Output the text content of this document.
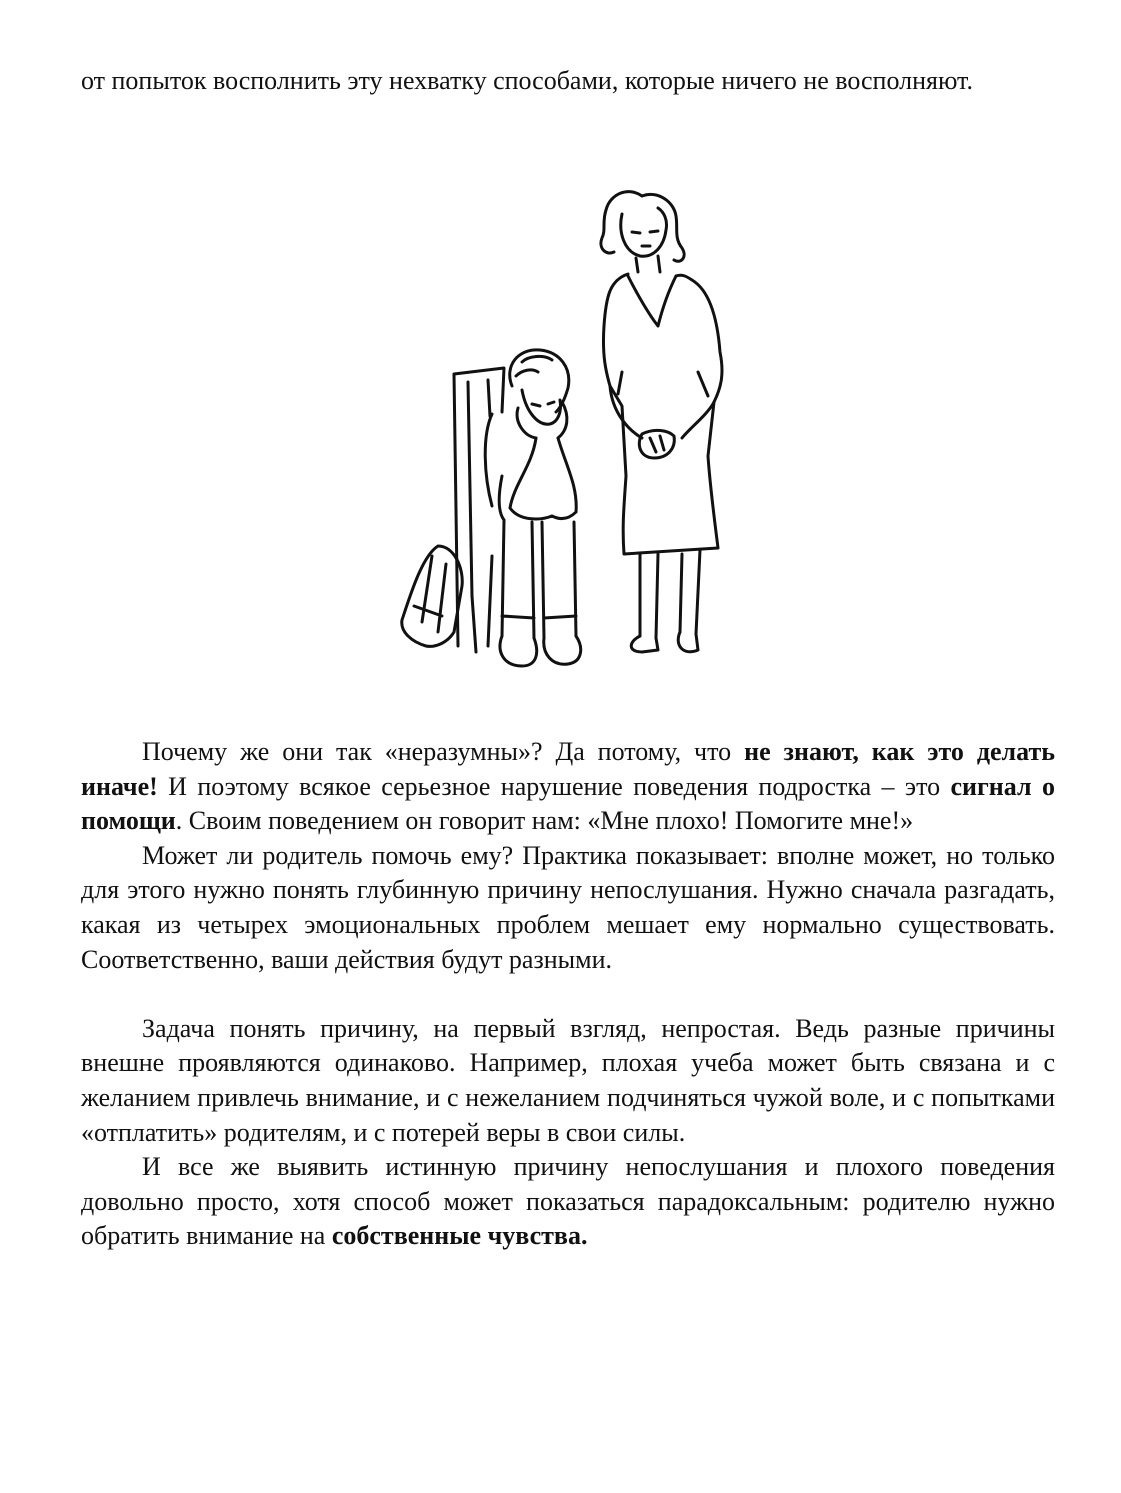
от попыток восполнить эту нехватку способами, которые ничего не восполняют.

Почему же они так «неразумны»? Да потому, что не знают, как это делать иначе! И поэтому всякое серьезное нарушение поведения подростка – это сигнал о помощи. Своим поведением он говорит нам: «Мне плохо! Помогите мне!»

Может ли родитель помочь ему? Практика показывает: вполне может, но только для этого нужно понять глубинную причину непослушания. Нужно сначала разгадать, какая из четырех эмоциональных проблем мешает ему нормально существовать. Соответственно, ваши действия будут разными.

Задача понять причину, на первый взгляд, непростая. Ведь разные причины внешне проявляются одинаково. Например, плохая учеба может быть связана и с желанием привлечь внимание, и с нежеланием подчиняться чужой воле, и с попытками «отплатить» родителям, и с потерей веры в свои силы.

И все же выявить истинную причину непослушания и плохого поведения довольно просто, хотя способ может показаться парадоксальным: родителю нужно обратить внимание на собственные чувства.
